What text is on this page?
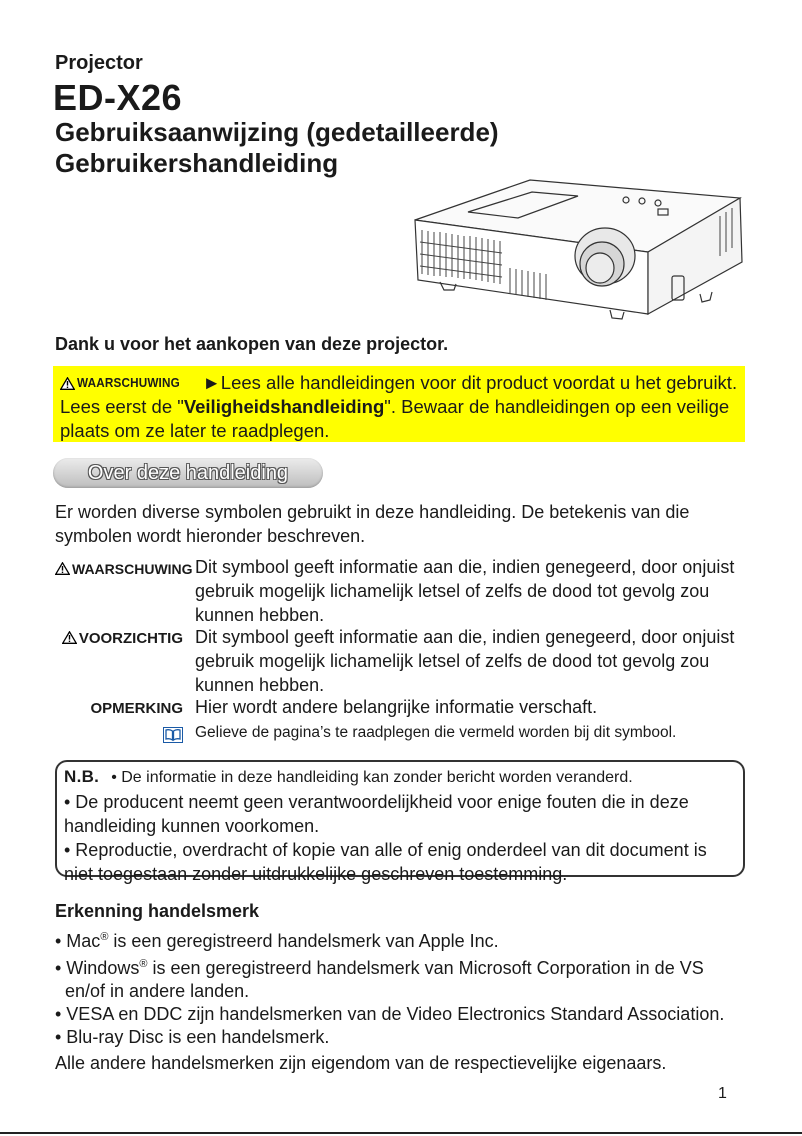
Projector
ED-X26
Gebruiksaanwijzing (gedetailleerde)
Gebruikershandleiding
Dank u voor het aankopen van deze projector.
WAARSCHUWING ►Lees alle handleidingen voor dit product voordat u het gebruikt. Lees eerst de "Veiligheidshandleiding". Bewaar de handleidingen op een veilige plaats om ze later te raadplegen.
Over deze handleiding
Er worden diverse symbolen gebruikt in deze handleiding. De betekenis van die symbolen wordt hieronder beschreven.
WAARSCHUWING Dit symbool geeft informatie aan die, indien genegeerd, door onjuist gebruik mogelijk lichamelijk letsel of zelfs de dood tot gevolg zou kunnen hebben.
VOORZICHTIG Dit symbool geeft informatie aan die, indien genegeerd, door onjuist gebruik mogelijk lichamelijk letsel of zelfs de dood tot gevolg zou kunnen hebben.
OPMERKING Hier wordt andere belangrijke informatie verschaft.
Gelieve de pagina’s te raadplegen die vermeld worden bij dit symbool.
N.B. • De informatie in deze handleiding kan zonder bericht worden veranderd.
• De producent neemt geen verantwoordelijkheid voor enige fouten die in deze handleiding kunnen voorkomen.
• Reproductie, overdracht of kopie van alle of enig onderdeel van dit document is niet toegestaan zonder uitdrukkelijke geschreven toestemming.
Erkenning handelsmerk
• Mac® is een geregistreerd handelsmerk van Apple Inc.
• Windows® is een geregistreerd handelsmerk van Microsoft Corporation in de VS
en/of in andere landen.
• VESA en DDC zijn handelsmerken van de Video Electronics Standard Association.
• Blu-ray Disc is een handelsmerk.
Alle andere handelsmerken zijn eigendom van de respectievelijke eigenaars.
1
